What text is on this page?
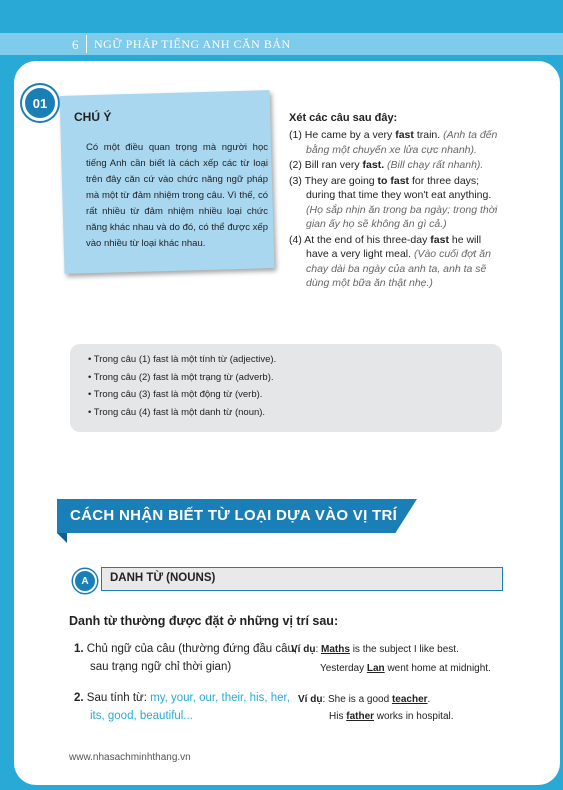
6 NGỮ PHÁP TIẾNG ANH CĂN BẢN
01
CHÚ Ý
Có một điều quan trọng mà người học tiếng Anh cần biết là cách xếp các từ loại trên đây căn cứ vào chức năng ngữ pháp mà một từ đảm nhiệm trong câu. Vì thế, có rất nhiều từ đảm nhiệm nhiều loại chức năng khác nhau và do đó, có thể được xếp vào nhiều từ loại khác nhau.
Xét các câu sau đây:
(1) He came by a very fast train. (Anh ta đến bằng một chuyến xe lửa cực nhanh).
(2) Bill ran very fast. (Bill chạy rất nhanh).
(3) They are going to fast for three days; during that time they won't eat anything. (Họ sắp nhịn ăn trong ba ngày; trong thời gian ấy họ sẽ không ăn gì cả.)
(4) At the end of his three-day fast he will have a very light meal. (Vào cuối đợt ăn chay dài ba ngày của anh ta, anh ta sẽ dùng một bữa ăn thật nhẹ.)
• Trong câu (1) fast là một tính từ (adjective).
• Trong câu (2) fast là một trạng từ (adverb).
• Trong câu (3) fast là một động từ (verb).
• Trong câu (4) fast là một danh từ (noun).
CÁCH NHẬN BIẾT TỪ LOẠI DỰA VÀO VỊ TRÍ
A	DANH TỪ (NOUNS)
Danh từ thường được đặt ở những vị trí sau:
1. Chủ ngữ của câu (thường đứng đầu câu, sau trạng ngữ chỉ thời gian)
2. Sau tính từ: my, your, our, their, his, her, its, good, beautiful...
Ví dụ: Maths is the subject I like best.
Yesterday Lan went home at midnight.
Ví dụ: She is a good teacher.
His father works in hospital.
www.nhasachminhthang.vn
